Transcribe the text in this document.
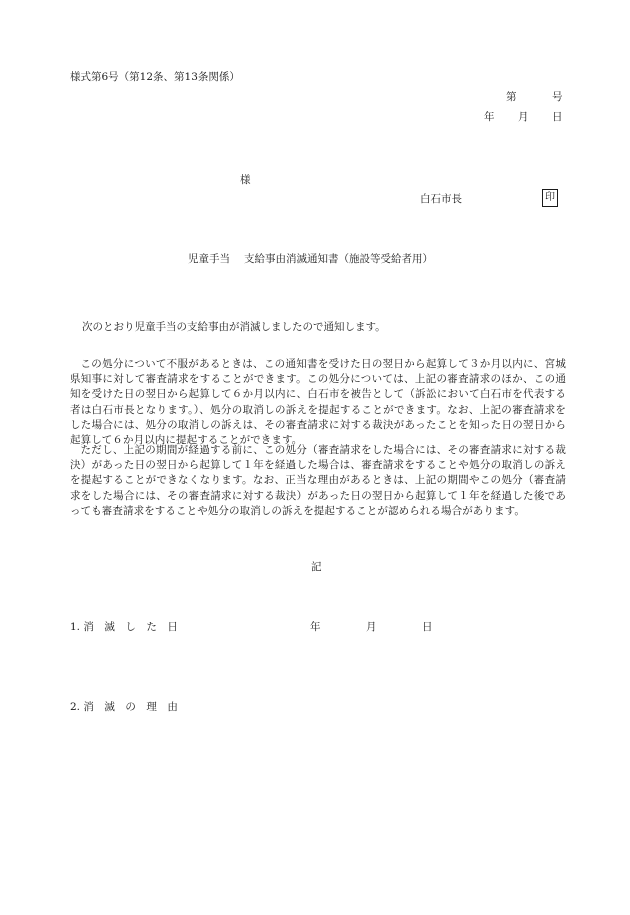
様式第6号（第12条、第13条関係）
第	号
年 月 日
様
白石市長	印
児童手当 支給事由消滅通知書（施設等受給者用）
次のとおり児童手当の支給事由が消滅しましたので通知します。
この処分について不服があるときは、この通知書を受けた日の翌日から起算して３か月以内に、宮城県知事に対して審査請求をすることができます。この処分については、上記の審査請求のほか、この通知を受けた日の翌日から起算して６か月以内に、白石市を被告として（訴訟において白石市を代表する者は白石市長となります。）、処分の取消しの訴えを提起することができます。なお、上記の審査請求をした場合には、処分の取消しの訴えは、その審査請求に対する裁決があったことを知った日の翌日から起算して６か月以内に提起することができます。
ただし、上記の期間が経過する前に、この処分（審査請求をした場合には、その審査請求に対する裁決）があった日の翌日から起算して１年を経過した場合は、審査請求をすることや処分の取消しの訴えを提起することができなくなります。なお、正当な理由があるときは、上記の期間やこの処分（審査請求をした場合には、その審査請求に対する裁決）があった日の翌日から起算して１年を経過した後であっても審査請求をすることや処分の取消しの訴えを提起することが認められる場合があります。
記
1. 消　滅　し　た　日	年	月	日
2. 消　滅　の　理　由
